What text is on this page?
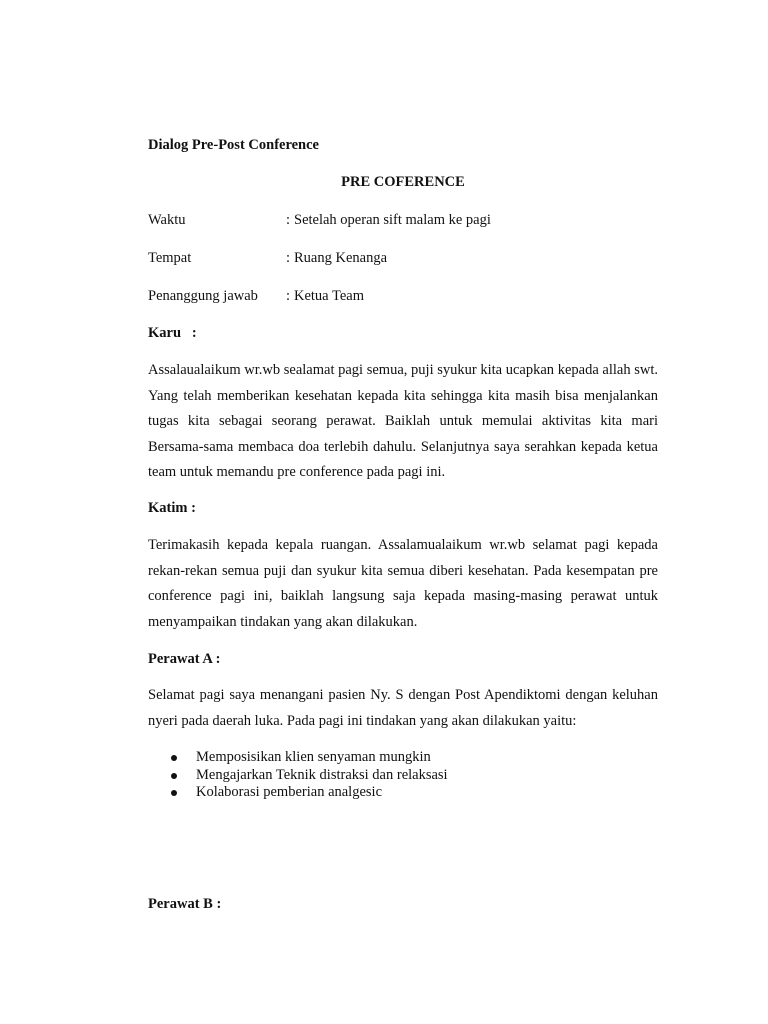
Dialog Pre-Post Conference
PRE COFERENCE
Waktu	: Setelah operan sift malam ke pagi
Tempat	: Ruang Kenanga
Penanggung jawab : Ketua Team
Karu   :
Assalaualaikum wr.wb sealamat pagi semua, puji syukur kita ucapkan kepada allah swt. Yang telah memberikan kesehatan kepada kita sehingga kita masih bisa menjalankan tugas kita sebagai seorang perawat. Baiklah untuk memulai aktivitas kita mari Bersama-sama membaca doa terlebih dahulu. Selanjutnya saya serahkan kepada ketua team untuk memandu pre conference pada pagi ini.
Katim :
Terimakasih kepada kepala ruangan. Assalamualaikum wr.wb selamat pagi kepada rekan-rekan semua puji dan syukur kita semua diberi kesehatan. Pada kesempatan pre conference pagi ini, baiklah langsung saja kepada masing-masing perawat untuk menyampaikan tindakan yang akan dilakukan.
Perawat A :
Selamat pagi saya menangani pasien Ny. S dengan Post Apendiktomi dengan keluhan nyeri pada daerah luka. Pada pagi ini tindakan yang akan dilakukan yaitu:
Memposisikan klien senyaman mungkin
Mengajarkan Teknik distraksi dan relaksasi
Kolaborasi pemberian analgesic
Perawat B :
